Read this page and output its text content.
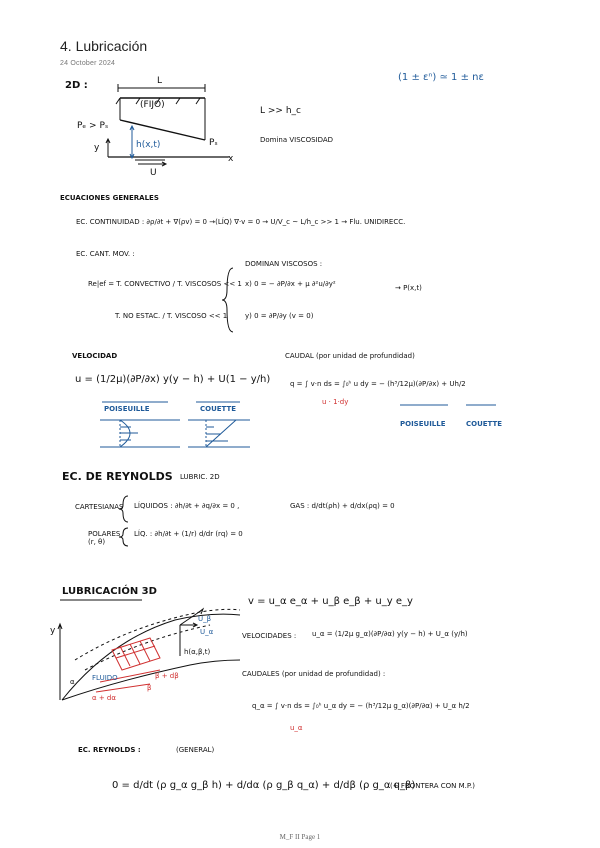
4. Lubricación
24 October 2024
2D :
(1 ± εⁿ) ≃ 1 ± nε
L
(FIJO)
Pₑ > Pₛ
Pₛ
h(x,t)
y
x
U
L >> h_c
Domina VISCOSIDAD
ECUACIONES GENERALES
EC. CONTINUIDAD : ∂ρ/∂t + ∇(ρv) = 0 →(LÍQ) ∇·v = 0 → U/V_c ~ L/h_c >> 1 → Flu. UNIDIRECC.
EC. CANT. MOV. :
DOMINAN VISCOSOS :
Re|ef = T. CONVECTIVO / T. VISCOSOS << 1 x) 0 = − ∂P/∂x + μ ∂²u/∂y²	→ P(x,t)
T. NO ESTAC. / T. VISCOSO << 1	y) 0 = ∂P/∂y (v = 0)
VELOCIDAD
u = (1/2μ)(∂P/∂x) y(y − h) + U(1 − y/h)
POISEUILLE	COUETTE
CAUDAL (por unidad de profundidad)
q = ∫ v·n ds = ∫₀ʰ u dy = − (h³/12μ)(∂P/∂x) + Uh/2
u · 1·dy
POISEUILLE	COUETTE
EC. DE REYNOLDS LUBRIC. 2D
CARTESIANAS LÍQUIDOS : ∂h/∂t + ∂q/∂x = 0 ,	GAS : d/dt(ρh) + d/dx(ρq) = 0
POLARES (r, θ)
LÍQ. : ∂h/∂t + (1/r) d/dr (rq) = 0
LUBRICACIÓN 3D
v = u_α e_α + u_β e_β + u_y e_y
VELOCIDADES : u_α = (1/2μ g_α)(∂P/∂α) y(y − h) + U_α (y/h)
CAUDALES (por unidad de profundidad) :
q_α = ∫ v·n ds = ∫₀ʰ u_α dy = − (h³/12μ g_α)(∂P/∂α) + U_α h/2
u_α
FLUIDO
h(α,β,t)
U_β
U_α
β
β + dβ
α + dα
α
y
EC. REYNOLDS :	(GENERAL)
0 = d/dt (ρ g_α g_β h) + d/dα (ρ g_β q_α) + d/dβ (ρ g_α q_β)
(+ FRONTERA CON M.P.)
M_F II Page 1
